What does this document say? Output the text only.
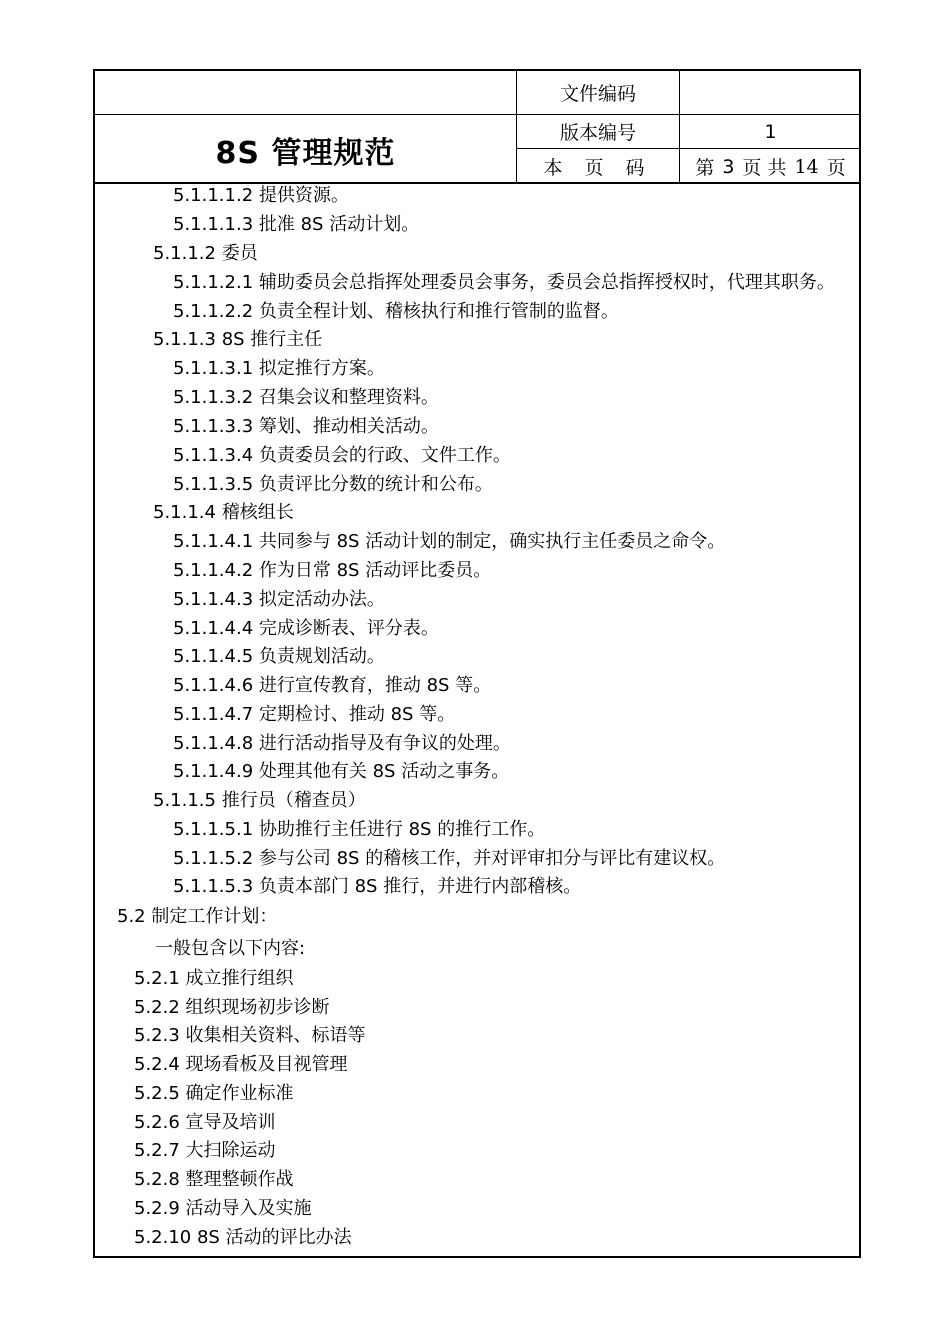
8S 管理规范
文件编码
版本编号	1
本 页 码	第 3 页 共 14 页
5.1.1.1.2 提供资源。
5.1.1.1.3 批准 8S 活动计划。
5.1.1.2 委员
5.1.1.2.1 辅助委员会总指挥处理委员会事务，委员会总指挥授权时，代理其职务。
5.1.1.2.2 负责全程计划、稽核执行和推行管制的监督。
5.1.1.3 8S 推行主任
5.1.1.3.1 拟定推行方案。
5.1.1.3.2 召集会议和整理资料。
5.1.1.3.3 筹划、推动相关活动。
5.1.1.3.4 负责委员会的行政、文件工作。
5.1.1.3.5 负责评比分数的统计和公布。
5.1.1.4 稽核组长
5.1.1.4.1 共同参与 8S 活动计划的制定，确实执行主任委员之命令。
5.1.1.4.2 作为日常 8S 活动评比委员。
5.1.1.4.3 拟定活动办法。
5.1.1.4.4 完成诊断表、评分表。
5.1.1.4.5 负责规划活动。
5.1.1.4.6 进行宣传教育，推动 8S 等。
5.1.1.4.7 定期检讨、推动 8S 等。
5.1.1.4.8 进行活动指导及有争议的处理。
5.1.1.4.9 处理其他有关 8S 活动之事务。
5.1.1.5 推行员（稽查员）
5.1.1.5.1 协助推行主任进行 8S 的推行工作。
5.1.1.5.2 参与公司 8S 的稽核工作，并对评审扣分与评比有建议权。
5.1.1.5.3 负责本部门 8S 推行，并进行内部稽核。
5.2 制定工作计划：
一般包含以下内容:
5.2.1 成立推行组织
5.2.2 组织现场初步诊断
5.2.3 收集相关资料、标语等
5.2.4 现场看板及目视管理
5.2.5 确定作业标准
5.2.6 宣导及培训
5.2.7 大扫除运动
5.2.8 整理整顿作战
5.2.9 活动导入及实施
5.2.10 8S 活动的评比办法
